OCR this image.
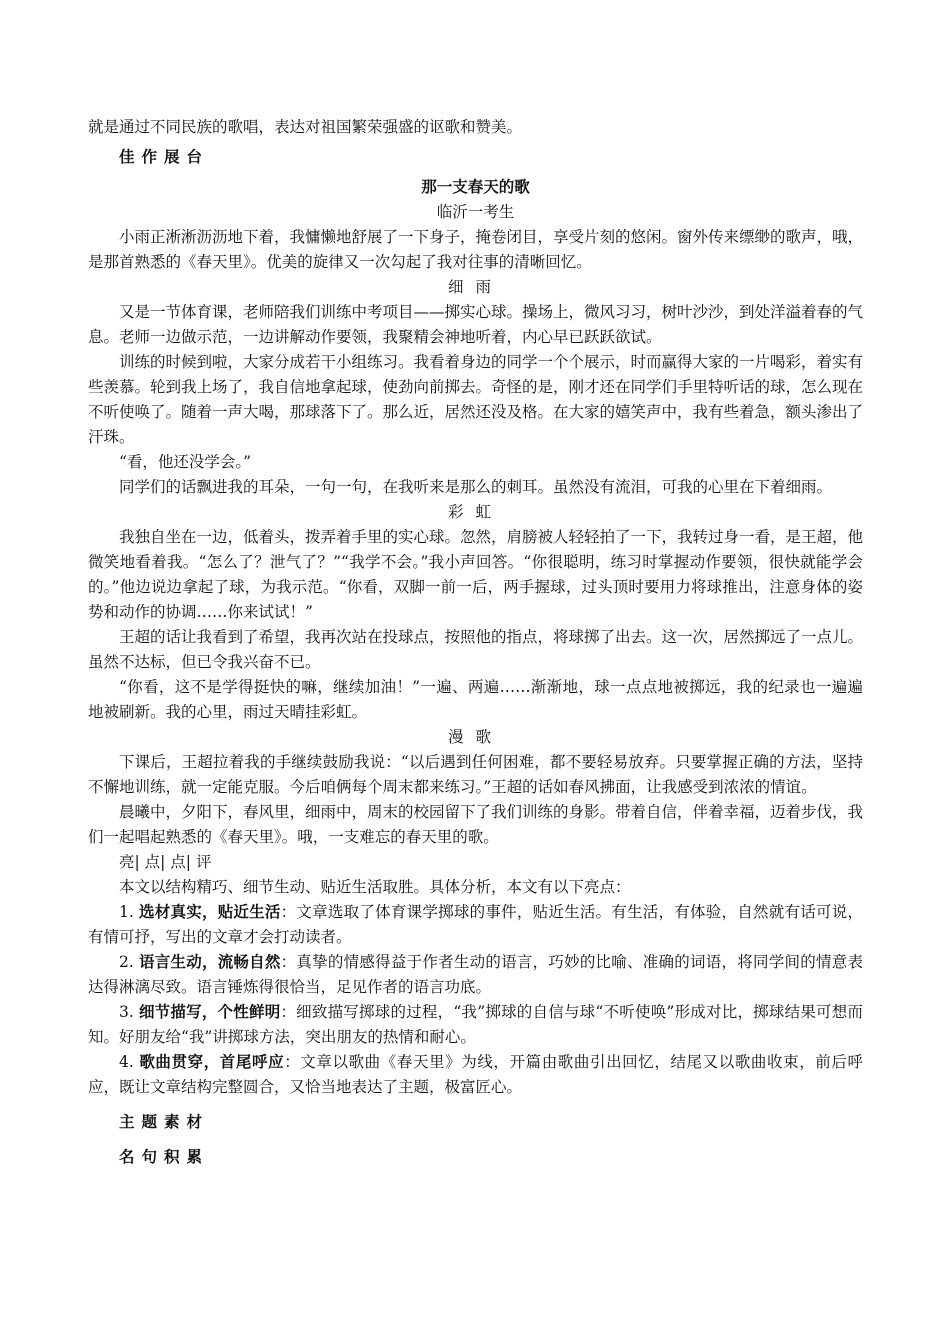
就是通过不同民族的歌唱，表达对祖国繁荣强盛的讴歌和赞美。

佳作展台

那一支春天的歌

临沂一考生

小雨正淅淅沥沥地下着，我慵懒地舒展了一下身子，掩卷闭目，享受片刻的悠闲。窗外传来缥缈的歌声，哦，是那首熟悉的《春天里》。优美的旋律又一次勾起了我对往事的清晰回忆。

细雨

又是一节体育课，老师陪我们训练中考项目——掷实心球。操场上，微风习习，树叶沙沙，到处洋溢着春的气息。老师一边做示范，一边讲解动作要领，我聚精会神地听着，内心早已跃跃欲试。

训练的时候到啦，大家分成若干小组练习。我看着身边的同学一个个展示，时而赢得大家的一片喝彩，着实有些羡慕。轮到我上场了，我自信地拿起球，使劲向前掷去。奇怪的是，刚才还在同学们手里特听话的球，怎么现在不听使唤了。随着一声大喝，那球落下了。那么近，居然还没及格。在大家的嬉笑声中，我有些着急，额头渗出了汗珠。

“看，他还没学会。”

同学们的话飘进我的耳朵，一句一句，在我听来是那么的刺耳。虽然没有流泪，可我的心里在下着细雨。

彩虹

我独自坐在一边，低着头，拨弄着手里的实心球。忽然，肩膀被人轻轻拍了一下，我转过身一看，是王超，他微笑地看着我。“怎么了？泄气了？”“我学不会。”我小声回答。“你很聪明，练习时掌握动作要领，很快就能学会的。”他边说边拿起了球，为我示范。“你看，双脚一前一后，两手握球，过头顶时要用力将球推出，注意身体的姿势和动作的协调……你来试试！”

王超的话让我看到了希望，我再次站在投球点，按照他的指点，将球掷了出去。这一次，居然掷远了一点儿。虽然不达标，但已令我兴奋不已。

“你看，这不是学得挺快的嘛，继续加油！”一遍、两遍……渐渐地，球一点点地被掷远，我的纪录也一遍遍地被刷新。我的心里，雨过天晴挂彩虹。

漫歌

下课后，王超拉着我的手继续鼓励我说：“以后遇到任何困难，都不要轻易放弃。只要掌握正确的方法，坚持不懈地训练，就一定能克服。今后咱俩每个周末都来练习。”王超的话如春风拂面，让我感受到浓浓的情谊。

晨曦中，夕阳下，春风里，细雨中，周末的校园留下了我们训练的身影。带着自信，伴着幸福，迈着步伐，我们一起唱起熟悉的《春天里》。哦，一支难忘的春天里的歌。

亮| 点| 点| 评

本文以结构精巧、细节生动、贴近生活取胜。具体分析，本文有以下亮点：

1. 选材真实，贴近生活：文章选取了体育课学掷球的事件，贴近生活。有生活，有体验，自然就有话可说，有情可抒，写出的文章才会打动读者。

2. 语言生动，流畅自然：真挚的情感得益于作者生动的语言，巧妙的比喻、准确的词语，将同学间的情意表达得淋漓尽致。语言锤炼得很恰当，足见作者的语言功底。

3. 细节描写，个性鲜明：细致描写掷球的过程，“我”掷球的自信与球“不听使唤”形成对比，掷球结果可想而知。好朋友给“我”讲掷球方法，突出朋友的热情和耐心。

4. 歌曲贯穿，首尾呼应：文章以歌曲《春天里》为线，开篇由歌曲引出回忆，结尾又以歌曲收束，前后呼应，既让文章结构完整圆合，又恰当地表达了主题，极富匠心。

主题素材

名句积累
